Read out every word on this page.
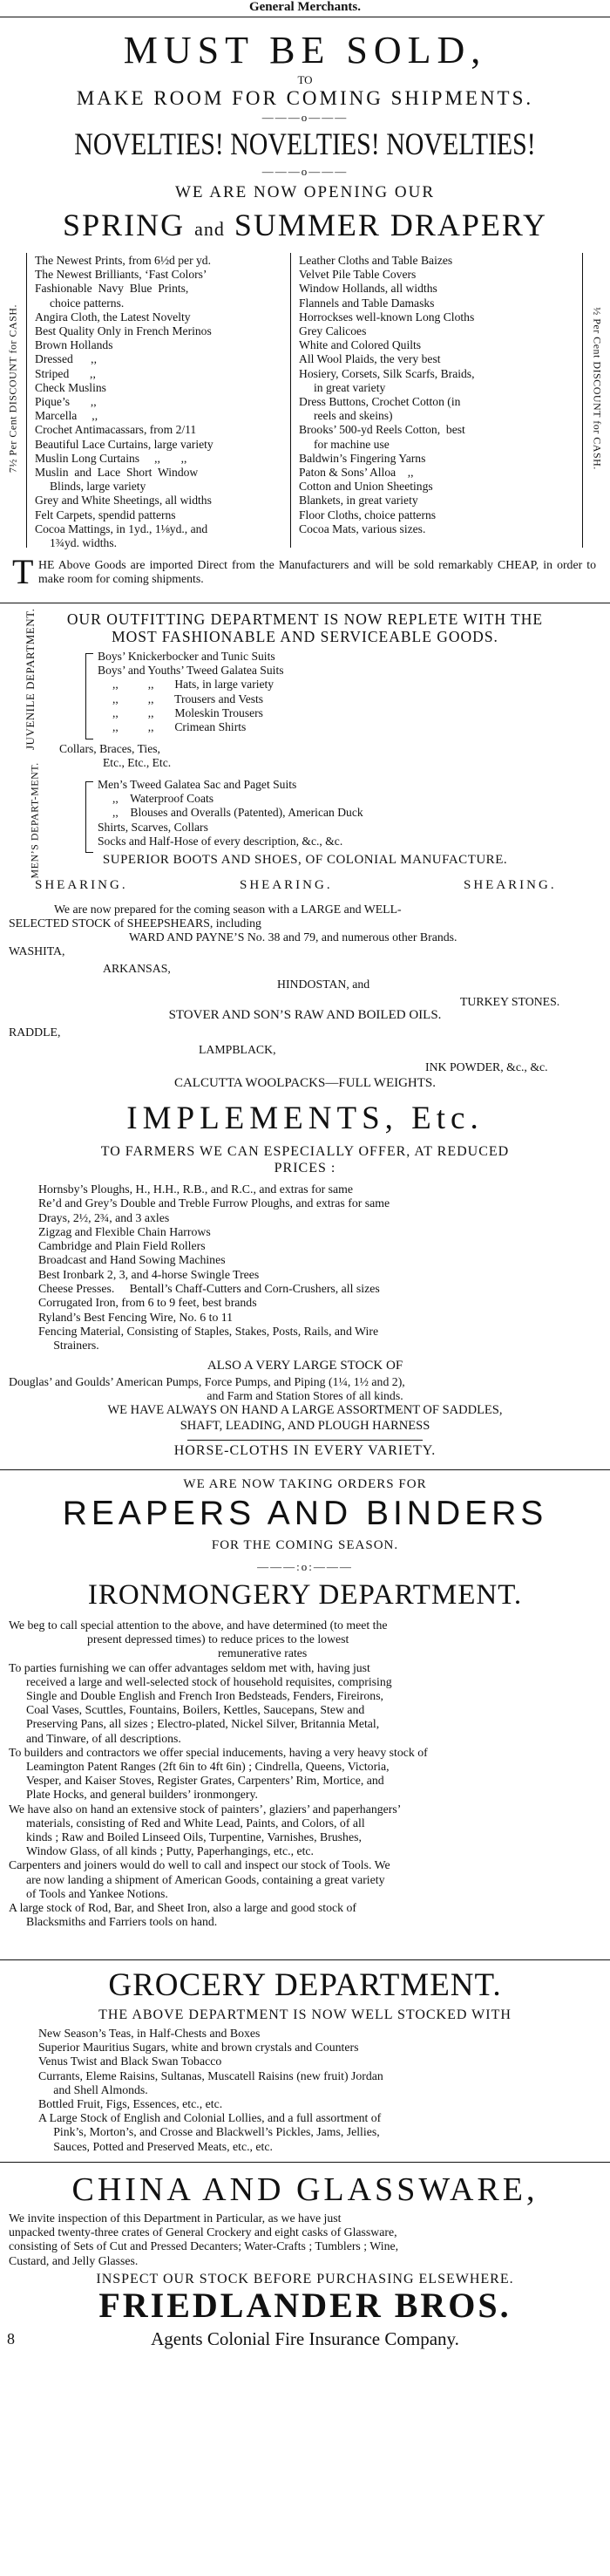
General Merchants.
MUST BE SOLD,
TO
MAKE ROOM FOR COMING SHIPMENTS.
———o———
NOVELTIES! NOVELTIES! NOVELTIES!
———o———
WE ARE NOW OPENING OUR
SPRING and SUMMER DRAPERY
7½ Per Cent DISCOUNT for CASH.	½ Per Cent DISCOUNT for CASH.
The Newest Prints, from 6½d per yd.
The Newest Brilliants, ‘Fast Colors’
Fashionable  Navy  Blue  Prints,
choice patterns.
Angira Cloth, the Latest Novelty
Best Quality Only in French Merinos
Brown Hollands
Dressed      ,,
Striped       ,,
Check Muslins
Pique’s       ,,
Marcella     ,,
Crochet Antimacassars, from 2/11
Beautiful Lace Curtains, large variety
Muslin Long Curtains     ,,       ,,
Muslin  and  Lace  Short  Window
Blinds, large variety
Grey and White Sheetings, all widths
Felt Carpets, spendid patterns
Cocoa Mattings, in 1yd., 1⅛yd., and
1¾yd. widths.
Leather Cloths and Table Baizes
Velvet Pile Table Covers
Window Hollands, all widths
Flannels and Table Damasks
Horrockses well-known Long Cloths
Grey Calicoes
White and Colored Quilts
All Wool Plaids, the very best
Hosiery, Corsets, Silk Scarfs, Braids,
in great variety
Dress Buttons, Crochet Cotton (in
reels and skeins)
Brooks’ 500-yd Reels Cotton,  best
for machine use
Baldwin’s Fingering Yarns
Paton & Sons’ Alloa    ,,
Cotton and Union Sheetings
Blankets, in great variety
Floor Cloths, choice patterns
Cocoa Mats, various sizes.
T HE Above Goods are imported Direct from the Manufacturers and will be sold remarkably CHEAP, in order to make room for coming shipments.
OUR OUTFITTING DEPARTMENT IS NOW REPLETE WITH THE
MOST FASHIONABLE AND SERVICEABLE GOODS.
JUVENILE DEPARTMENT.
MEN’S DEPART-MENT.
Boys’ Knickerbocker and Tunic Suits
Boys’ and Youths’ Tweed Galatea Suits
,,          ,,       Hats, in large variety
,,          ,,       Trousers and Vests
,,          ,,       Moleskin Trousers
,,          ,,       Crimean Shirts
Collars, Braces, Ties,
Etc., Etc., Etc.
Men’s Tweed Galatea Sac and Paget Suits
,,    Waterproof Coats
,,    Blouses and Overalls (Patented), American Duck
Shirts, Scarves, Collars
Socks and Half-Hose of every description, &c., &c.
SUPERIOR BOOTS AND SHOES, OF COLONIAL MANUFACTURE.
SHEARING.	SHEARING.	SHEARING.
We are now prepared for the coming season with a LARGE and WELL-
SELECTED STOCK of SHEEPSHEARS, including
WARD AND PAYNE’S No. 38 and 79, and numerous other Brands.
WASHITA,
ARKANSAS,
HINDOSTAN, and
TURKEY STONES.
STOVER AND SON’S RAW AND BOILED OILS.
RADDLE,
LAMPBLACK,
INK POWDER, &c., &c.
CALCUTTA WOOLPACKS—FULL WEIGHTS.
IMPLEMENTS, Etc.
TO FARMERS WE CAN ESPECIALLY OFFER, AT REDUCED
PRICES :
Hornsby’s Ploughs, H., H.H., R.B., and R.C., and extras for same
Re’d and Grey’s Double and Treble Furrow Ploughs, and extras for same
Drays, 2½, 2¾, and 3 axles
Zigzag and Flexible Chain Harrows
Cambridge and Plain Field Rollers
Broadcast and Hand Sowing Machines
Best Ironbark 2, 3, and 4-horse Swingle Trees
Cheese Presses.     Bentall’s Chaff-Cutters and Corn-Crushers, all sizes
Corrugated Iron, from 6 to 9 feet, best brands
Ryland’s Best Fencing Wire, No. 6 to 11
Fencing Material, Consisting of Staples, Stakes, Posts, Rails, and Wire
Strainers.
ALSO A VERY LARGE STOCK OF
Douglas’ and Goulds’ American Pumps, Force Pumps, and Piping (1¼, 1½ and 2),
and Farm and Station Stores of all kinds.
WE HAVE ALWAYS ON HAND A LARGE ASSORTMENT OF SADDLES,
SHAFT, LEADING, AND PLOUGH HARNESS
HORSE-CLOTHS IN EVERY VARIETY.
WE ARE NOW TAKING ORDERS FOR
REAPERS AND BINDERS
FOR THE COMING SEASON.
———:o:———
IRONMONGERY DEPARTMENT.
We beg to call special attention to the above, and have determined (to meet the
present depressed times) to reduce prices to the lowest
remunerative rates
To parties furnishing we can offer advantages seldom met with, having just
received a large and well-selected stock of household requisites, comprising
Single and Double English and French Iron Bedsteads, Fenders, Fireirons,
Coal Vases, Scuttles, Fountains, Boilers, Kettles, Saucepans, Stew and
Preserving Pans, all sizes ; Electro-plated, Nickel Silver, Britannia Metal,
and Tinware, of all descriptions.
To builders and contractors we offer special inducements, having a very heavy stock of
Leamington Patent Ranges (2ft 6in to 4ft 6in) ; Cindrella, Queens, Victoria,
Vesper, and Kaiser Stoves, Register Grates, Carpenters’ Rim, Mortice, and
Plate Hocks, and general builders’ ironmongery.
We have also on hand an extensive stock of painters’, glaziers’ and paperhangers’
materials, consisting of Red and White Lead, Paints, and Colors, of all
kinds ; Raw and Boiled Linseed Oils, Turpentine, Varnishes, Brushes,
Window Glass, of all kinds ; Putty, Paperhangings, etc., etc.
Carpenters and joiners would do well to call and inspect our stock of Tools. We
are now landing a shipment of American Goods, containing a great variety
of Tools and Yankee Notions.
A large stock of Rod, Bar, and Sheet Iron, also a large and good stock of
Blacksmiths and Farriers tools on hand.
GROCERY DEPARTMENT.
THE ABOVE DEPARTMENT IS NOW WELL STOCKED WITH
New Season’s Teas, in Half-Chests and Boxes
Superior Mauritius Sugars, white and brown crystals and Counters
Venus Twist and Black Swan Tobacco
Currants, Eleme Raisins, Sultanas, Muscatell Raisins (new fruit) Jordan
and Shell Almonds.
Bottled Fruit, Figs, Essences, etc., etc.
A Large Stock of English and Colonial Lollies, and a full assortment of
Pink’s, Morton’s, and Crosse and Blackwell’s Pickles, Jams, Jellies,
Sauces, Potted and Preserved Meats, etc., etc.
CHINA AND GLASSWARE,
We invite inspection of this Department in Particular, as we have just
unpacked twenty-three crates of General Crockery and eight casks of Glassware,
consisting of Sets of Cut and Pressed Decanters; Water-Crafts ; Tumblers ; Wine,
Custard, and Jelly Glasses.
INSPECT OUR STOCK BEFORE PURCHASING ELSEWHERE.
FRIEDLANDER BROS.
8	Agents Colonial Fire Insurance Company.
